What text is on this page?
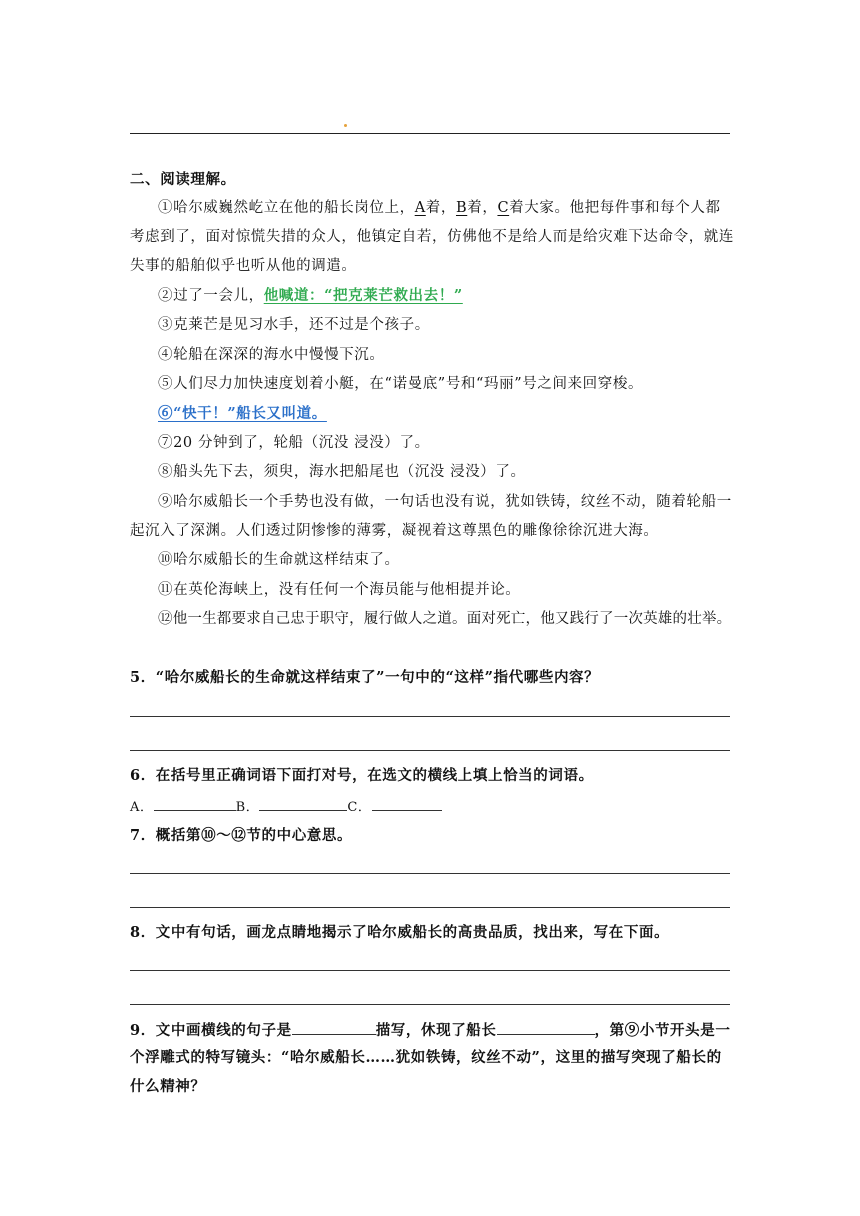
二、阅读理解。
①哈尔威巍然屹立在他的船长岗位上，A着，B着，C着大家。他把每件事和每个人都
考虑到了，面对惊慌失措的众人，他镇定自若，仿佛他不是给人而是给灾难下达命令，就连
失事的船舶似乎也听从他的调遣。
②过了一会儿，他喊道：“把克莱芒救出去！”
③克莱芒是见习水手，还不过是个孩子。
④轮船在深深的海水中慢慢下沉。
⑤人们尽力加快速度划着小艇，在“诺曼底”号和“玛丽”号之间来回穿梭。
⑥“快干！”船长又叫道。
⑦20 分钟到了，轮船（沉没 浸没）了。
⑧船头先下去，须臾，海水把船尾也（沉没 浸没）了。
⑨哈尔威船长一个手势也没有做，一句话也没有说，犹如铁铸，纹丝不动，随着轮船一
起沉入了深渊。人们透过阴惨惨的薄雾，凝视着这尊黑色的雕像徐徐沉进大海。
⑩哈尔威船长的生命就这样结束了。
⑪在英伦海峡上，没有任何一个海员能与他相提并论。
⑫他一生都要求自己忠于职守，履行做人之道。面对死亡，他又践行了一次英雄的壮举。
5．“哈尔威船长的生命就这样结束了”一句中的“这样”指代哪些内容？
6．在括号里正确词语下面打对号，在选文的横线上填上恰当的词语。
A．	B．	C．
7．概括第⑩～⑫节的中心意思。
8．文中有句话，画龙点睛地揭示了哈尔威船长的高贵品质，找出来，写在下面。
9．文中画横线的句子是	描写，休现了船长	，第⑨小节开头是一
个浮雕式的特写镜头：“哈尔威船长……犹如铁铸，纹丝不动”，这里的描写突现了船长的
什么精神？
